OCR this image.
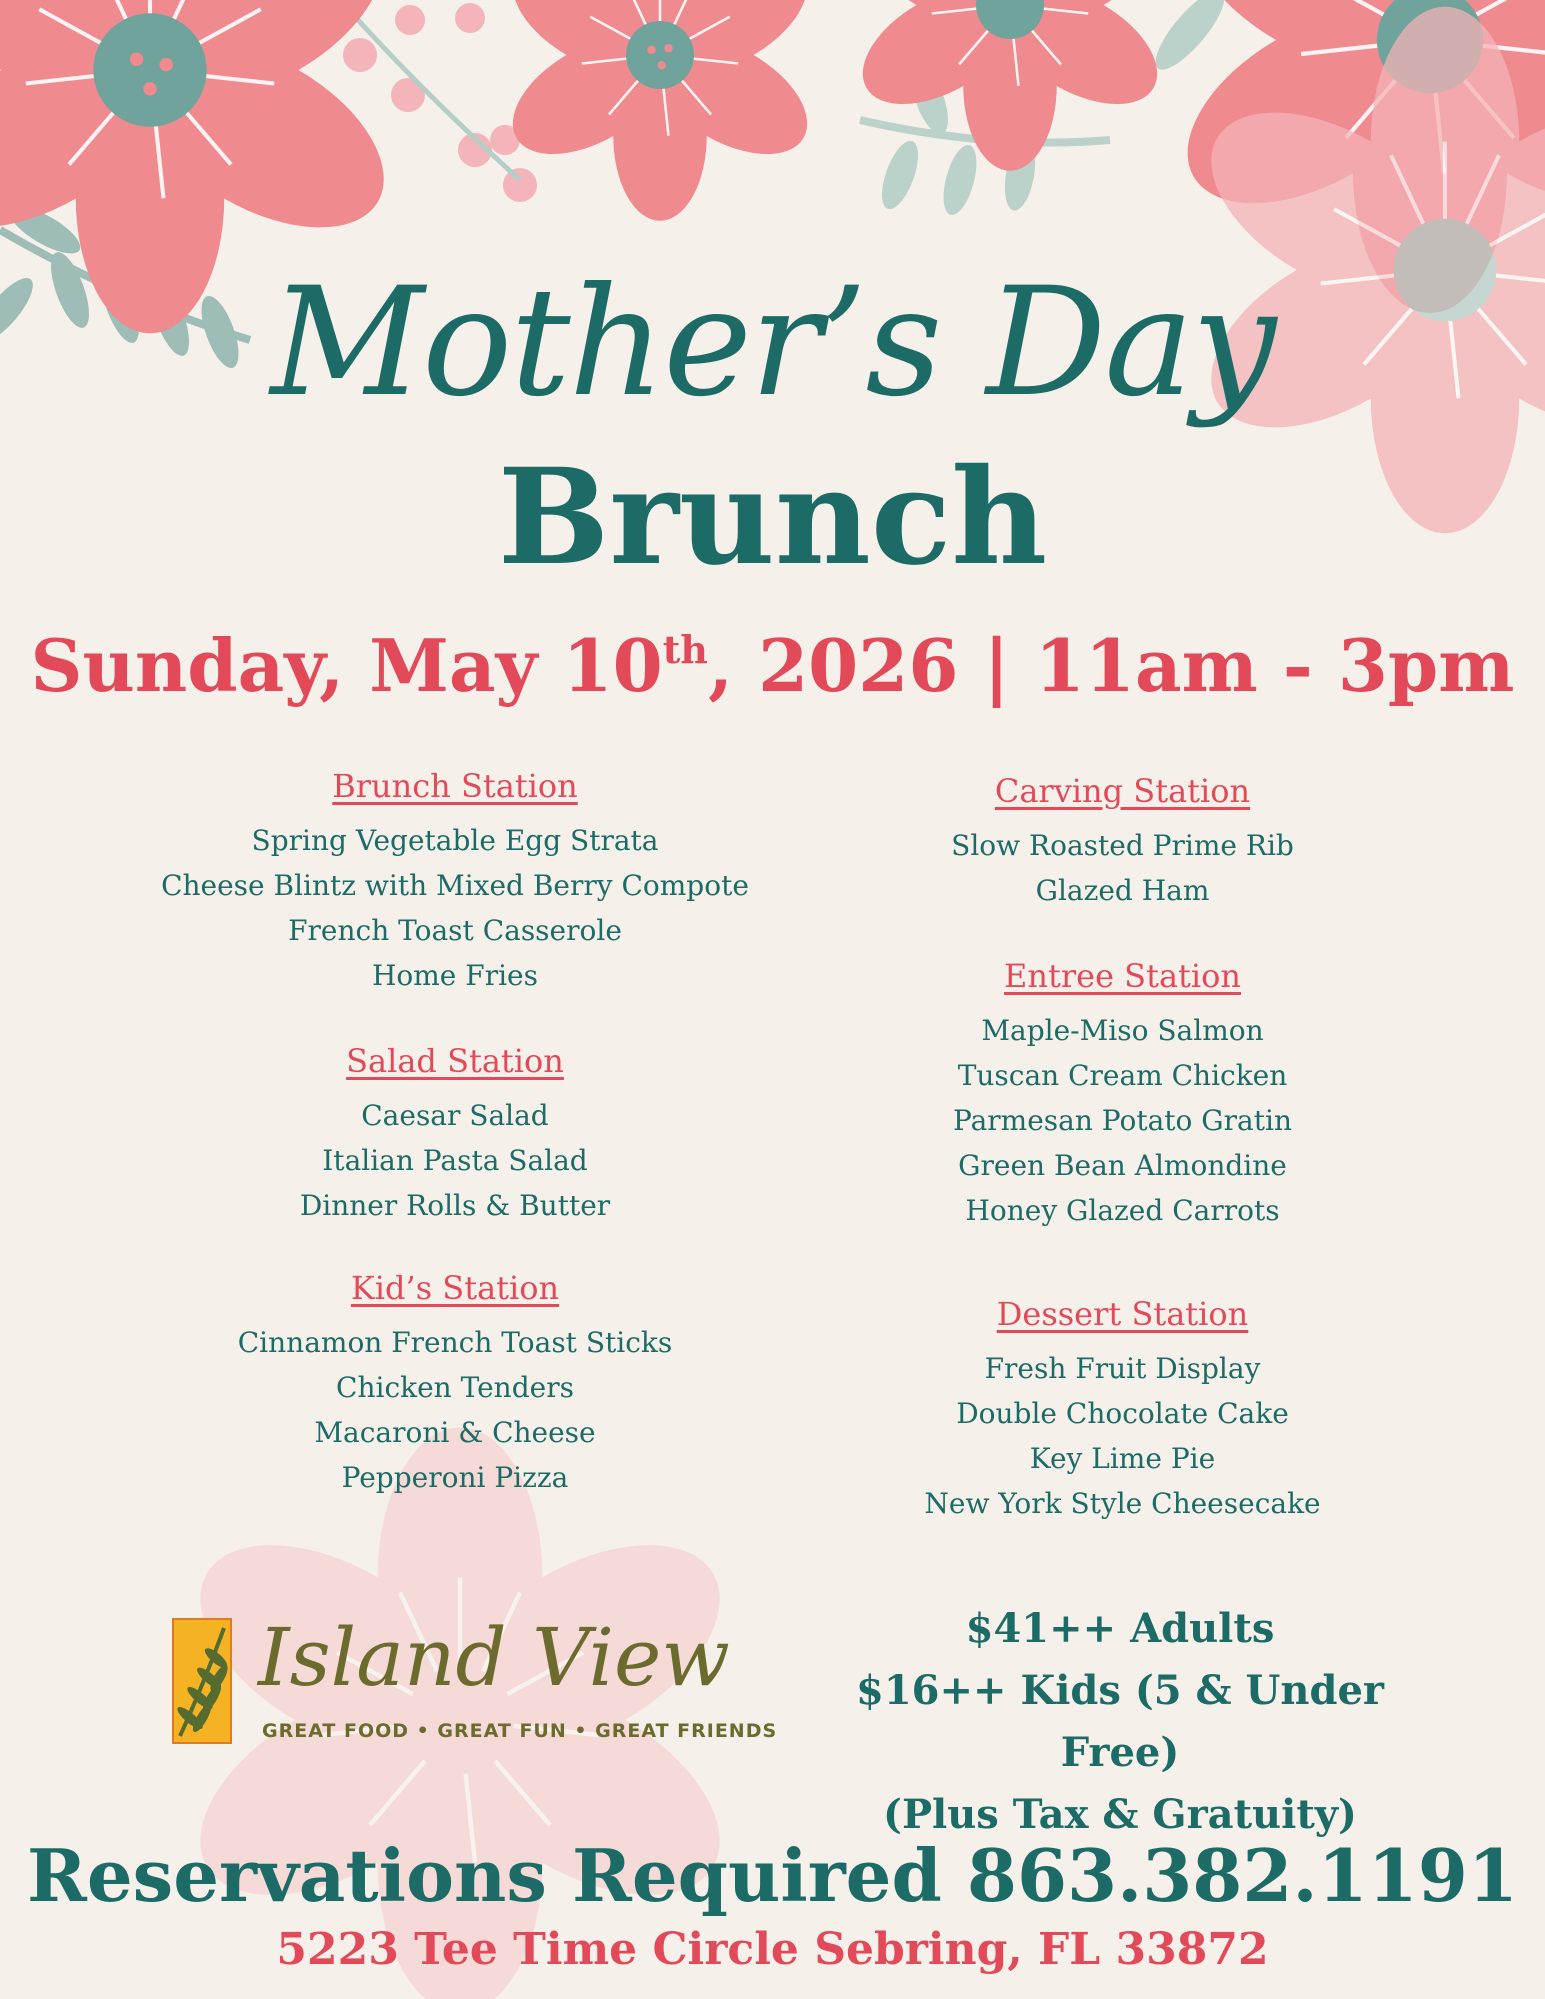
Mother’s Day
Brunch
Sunday, May 10th, 2026 | 11am - 3pm
Brunch Station
Spring Vegetable Egg Strata
Cheese Blintz with Mixed Berry Compote
French Toast Casserole
Home Fries
Salad Station
Caesar Salad
Italian Pasta Salad
Dinner Rolls & Butter
Kid’s Station
Cinnamon French Toast Sticks
Chicken Tenders
Macaroni & Cheese
Pepperoni Pizza
Carving Station
Slow Roasted Prime Rib
Glazed Ham
Entree Station
Maple-Miso Salmon
Tuscan Cream Chicken
Parmesan Potato Gratin
Green Bean Almondine
Honey Glazed Carrots
Dessert Station
Fresh Fruit Display
Double Chocolate Cake
Key Lime Pie
New York Style Cheesecake
Island View
GREAT FOOD • GREAT FUN • GREAT FRIENDS
$41++ Adults
$16++ Kids (5 & Under Free)
(Plus Tax & Gratuity)
Reservations Required 863.382.1191
5223 Tee Time Circle Sebring, FL 33872
